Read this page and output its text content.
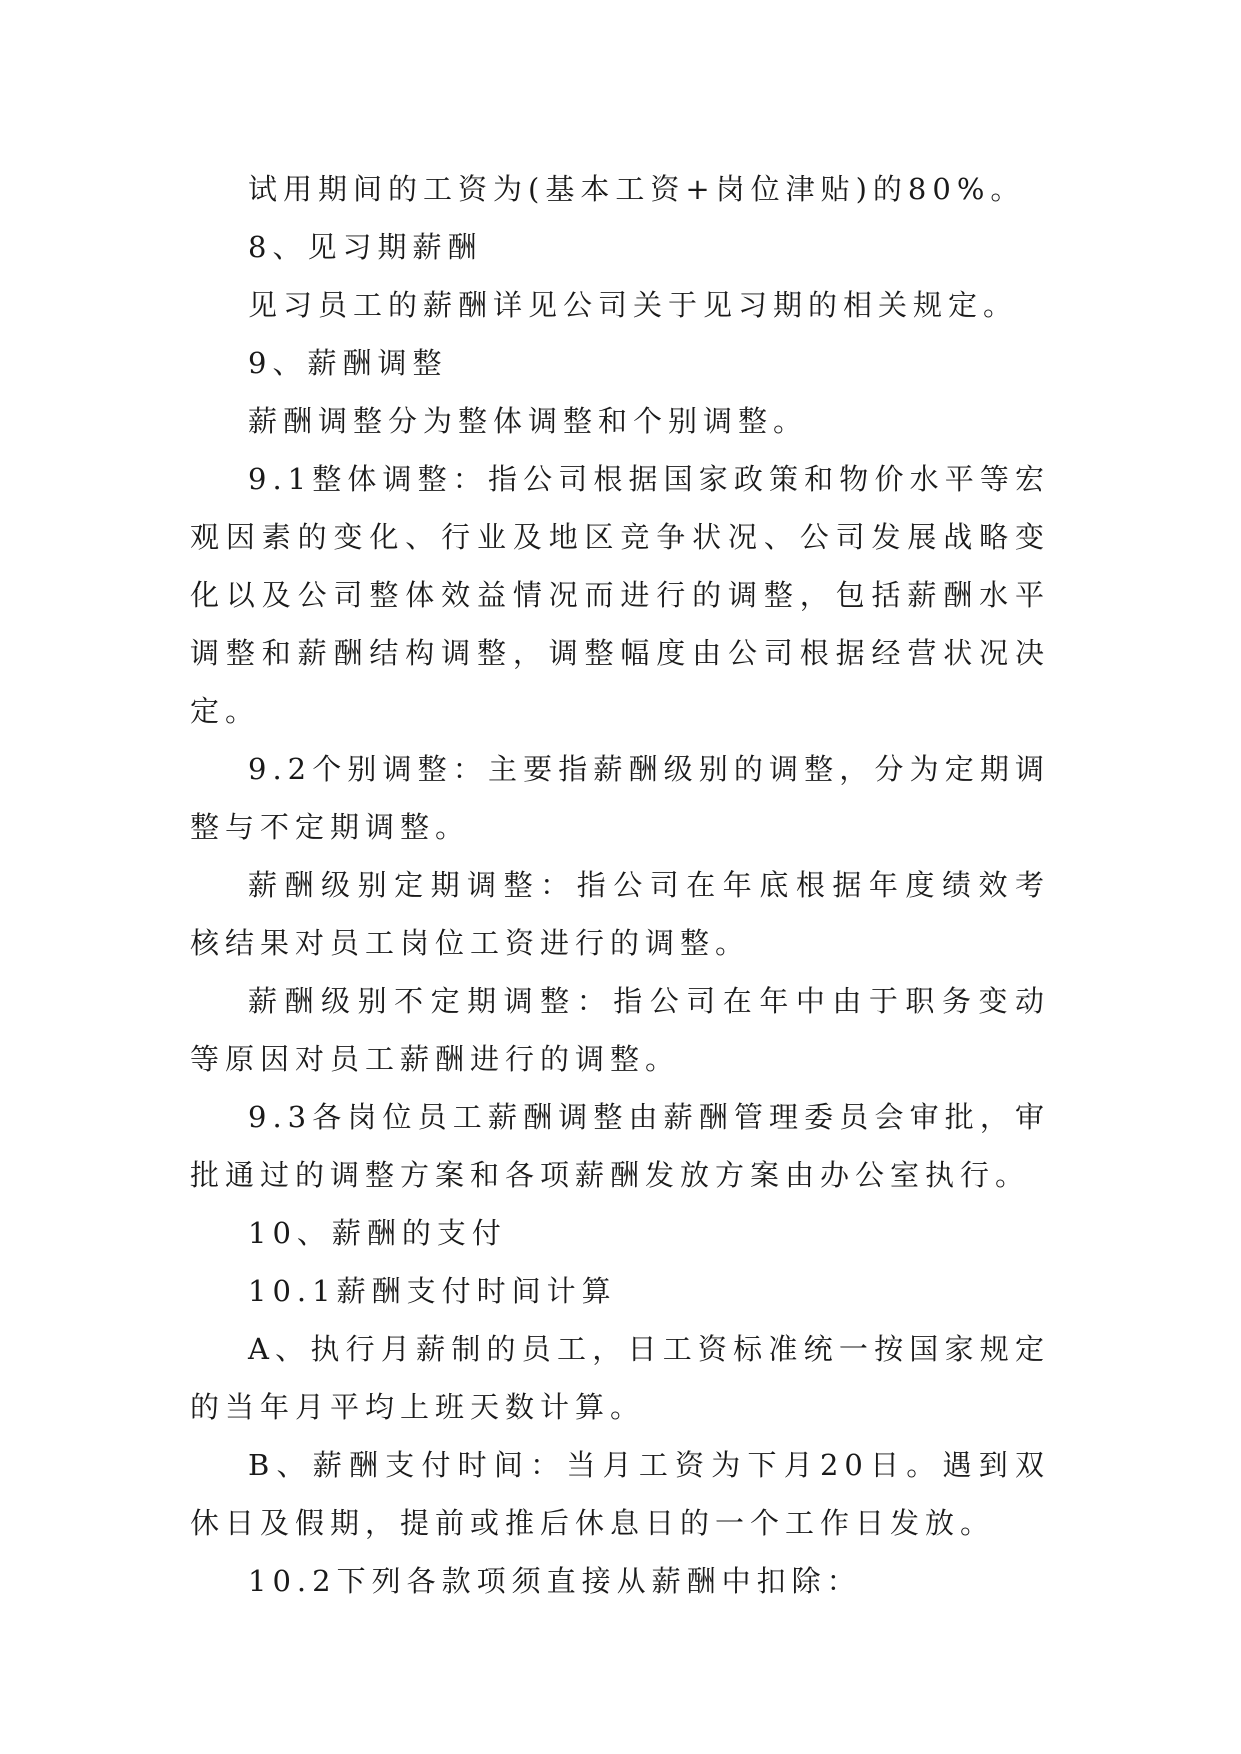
试用期间的工资为(基本工资+岗位津贴)的80%。

8、见习期薪酬

见习员工的薪酬详见公司关于见习期的相关规定。

9、薪酬调整

薪酬调整分为整体调整和个别调整。

9.1整体调整：指公司根据国家政策和物价水平等宏观因素的变化、行业及地区竞争状况、公司发展战略变化以及公司整体效益情况而进行的调整，包括薪酬水平调整和薪酬结构调整，调整幅度由公司根据经营状况决定。

9.2个别调整：主要指薪酬级别的调整，分为定期调整与不定期调整。

薪酬级别定期调整：指公司在年底根据年度绩效考核结果对员工岗位工资进行的调整。

薪酬级别不定期调整：指公司在年中由于职务变动等原因对员工薪酬进行的调整。

9.3各岗位员工薪酬调整由薪酬管理委员会审批，审批通过的调整方案和各项薪酬发放方案由办公室执行。

10、薪酬的支付

10.1薪酬支付时间计算

A、执行月薪制的员工，日工资标准统一按国家规定的当年月平均上班天数计算。

B、薪酬支付时间：当月工资为下月20日。遇到双休日及假期，提前或推后休息日的一个工作日发放。

10.2下列各款项须直接从薪酬中扣除：
